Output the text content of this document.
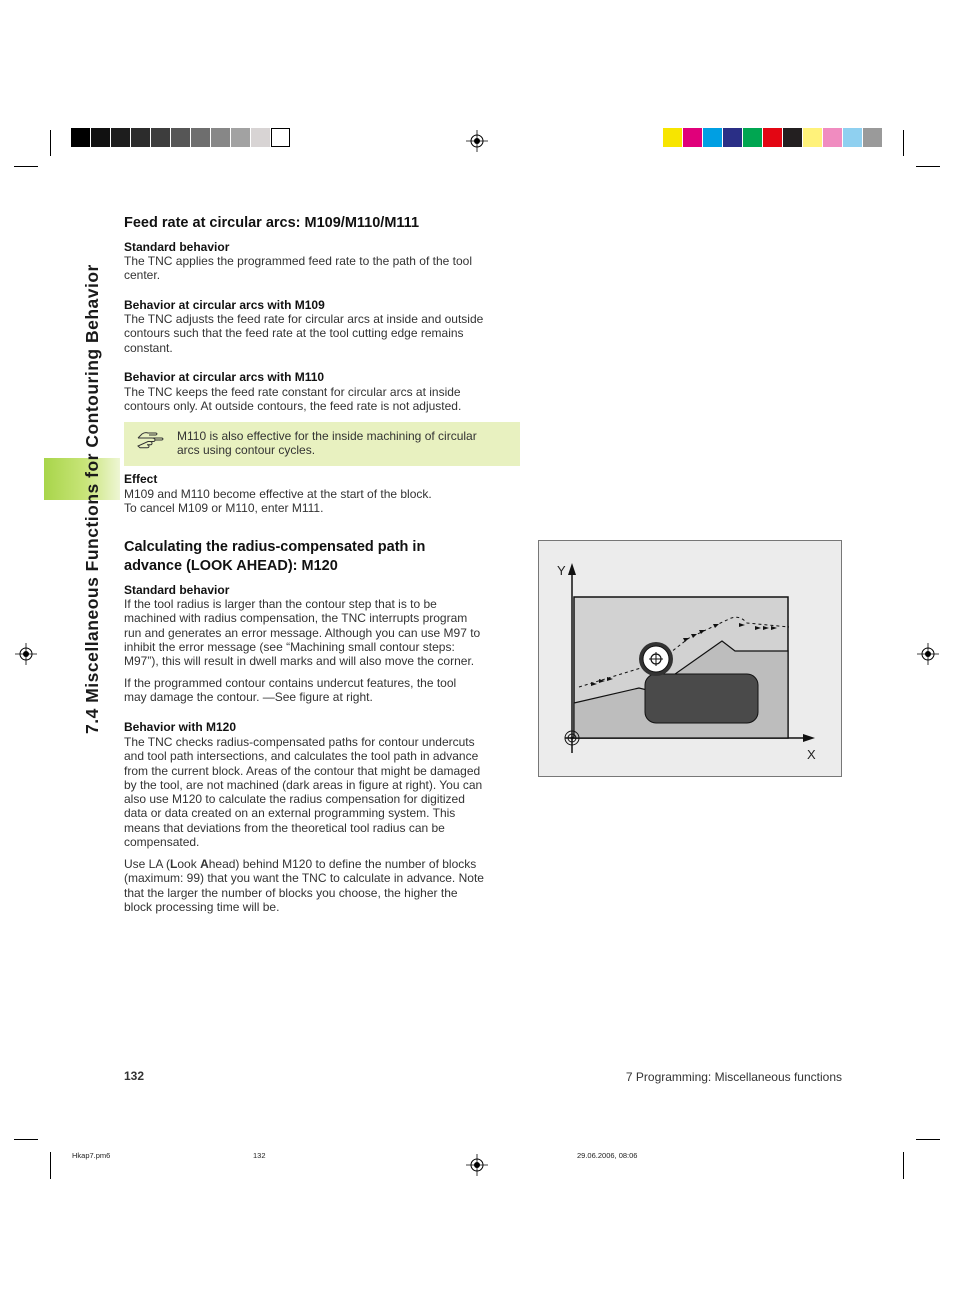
7.4 Miscellaneous Functions for Contouring Behavior
Feed rate at circular arcs: M109/M110/M111
Standard behavior
The TNC applies the programmed feed rate to the path of the tool
center.
Behavior at circular arcs with M109
The TNC adjusts the feed rate for circular arcs at inside and outside
contours such that the feed rate at the tool cutting edge remains
constant.
Behavior at circular arcs with M110
The TNC keeps the feed rate constant for circular arcs at inside
contours only. At outside contours, the feed rate is not adjusted.
M110 is also effective for the inside machining of circular
arcs using contour cycles.
Effect
M109 and M110 become effective at the start of the block.
To cancel M109 or M110, enter M111.
Calculating the radius-compensated path in
advance (LOOK AHEAD): M120
Standard behavior
If the tool radius is larger than the contour step that is to be
machined with radius compensation, the TNC interrupts program
run and generates an error message. Although you can use M97 to
inhibit the error message (see “Machining small contour steps:
M97”), this will result in dwell marks and will also move the corner.
If the programmed contour contains undercut features, the tool
may damage the contour. —See figure at right.
Behavior with M120
The TNC checks radius-compensated paths for contour undercuts
and tool path intersections, and calculates the tool path in advance
from the current block. Areas of the contour that might be damaged
by the tool, are not machined (dark areas in figure at right). You can
also use M120 to calculate the radius compensation for digitized
data or data created on an external programming system. This
means that deviations from the theoretical tool radius can be
compensated.
Use LA (Look Ahead) behind M120 to define the number of blocks
(maximum: 99) that you want the TNC to calculate in advance. Note
that the larger the number of blocks you choose, the higher the
block processing time will be.
Y
X
132	7 Programming: Miscellaneous functions
Hkap7.pm6	132	29.06.2006, 08:06
